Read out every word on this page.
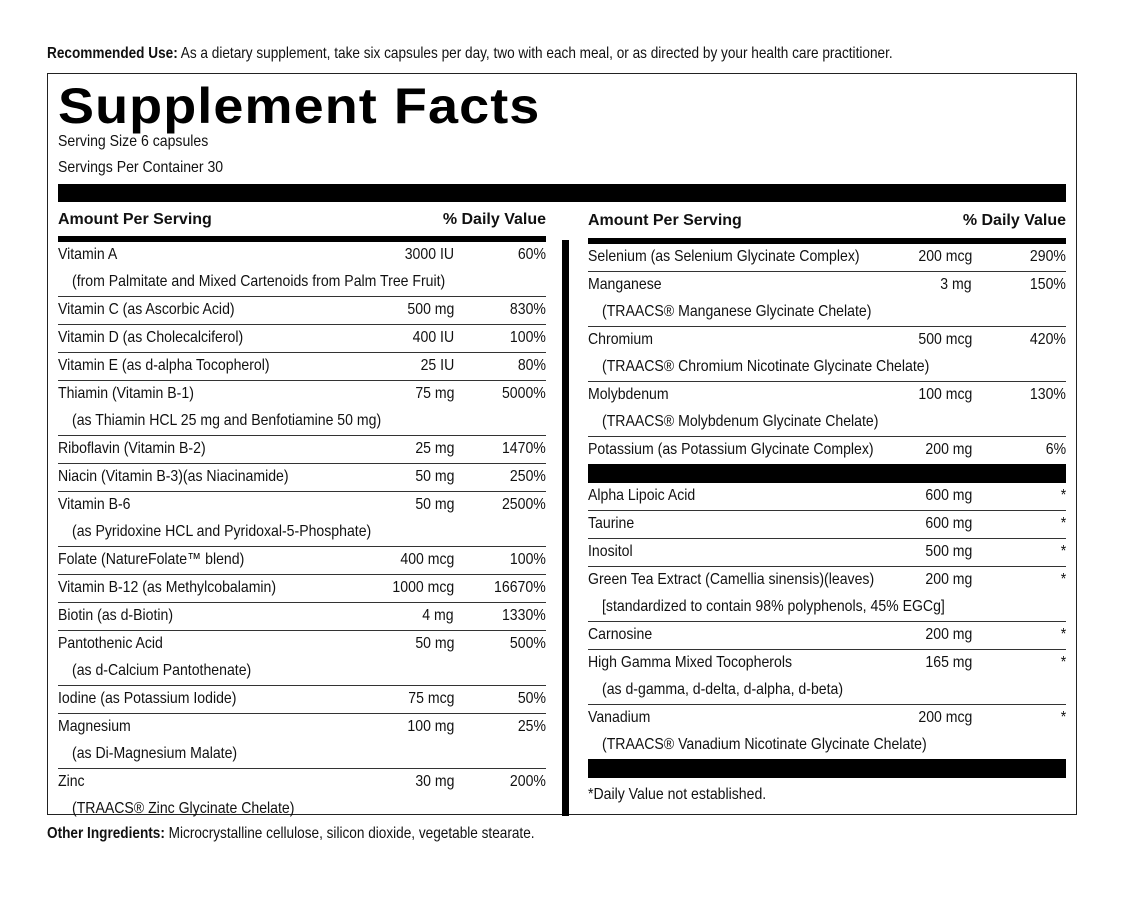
Recommended Use: As a dietary supplement, take six capsules per day, two with each meal, or as directed by your health care practitioner.
Supplement Facts
Serving Size 6 capsules
Servings Per Container 30
Amount Per Serving	% Daily Value
Vitamin A	3000 IU	60%
(from Palmitate and Mixed Cartenoids from Palm Tree Fruit)
Vitamin C (as Ascorbic Acid)	500 mg	830%
Vitamin D (as Cholecalciferol)	400 IU	100%
Vitamin E (as d-alpha Tocopherol)	25 IU	80%
Thiamin (Vitamin B-1)	75 mg	5000%
(as Thiamin HCL 25 mg and Benfotiamine 50 mg)
Riboflavin (Vitamin B-2)	25 mg	1470%
Niacin (Vitamin B-3)(as Niacinamide)	50 mg	250%
Vitamin B-6	50 mg	2500%
(as Pyridoxine HCL and Pyridoxal-5-Phosphate)
Folate (NatureFolate™ blend)	400 mcg	100%
Vitamin B-12 (as Methylcobalamin)	1000 mcg	16670%
Biotin (as d-Biotin)	4 mg	1330%
Pantothenic Acid	50 mg	500%
(as d-Calcium Pantothenate)
Iodine (as Potassium Iodide)	75 mcg	50%
Magnesium	100 mg	25%
(as Di-Magnesium Malate)
Zinc	30 mg	200%
(TRAACS® Zinc Glycinate Chelate)
Amount Per Serving	% Daily Value
Selenium (as Selenium Glycinate Complex)	200 mcg	290%
Manganese	3 mg	150%
(TRAACS® Manganese Glycinate Chelate)
Chromium	500 mcg	420%
(TRAACS® Chromium Nicotinate Glycinate Chelate)
Molybdenum	100 mcg	130%
(TRAACS® Molybdenum Glycinate Chelate)
Potassium (as Potassium Glycinate Complex)	200 mg	6%
Alpha Lipoic Acid	600 mg	*
Taurine	600 mg	*
Inositol	500 mg	*
Green Tea Extract (Camellia sinensis)(leaves)	200 mg	*
[standardized to contain 98% polyphenols, 45% EGCg]
Carnosine	200 mg	*
High Gamma Mixed Tocopherols	165 mg	*
(as d-gamma, d-delta, d-alpha, d-beta)
Vanadium	200 mcg	*
(TRAACS® Vanadium Nicotinate Glycinate Chelate)
*Daily Value not established.
Other Ingredients: Microcrystalline cellulose, silicon dioxide, vegetable stearate.
